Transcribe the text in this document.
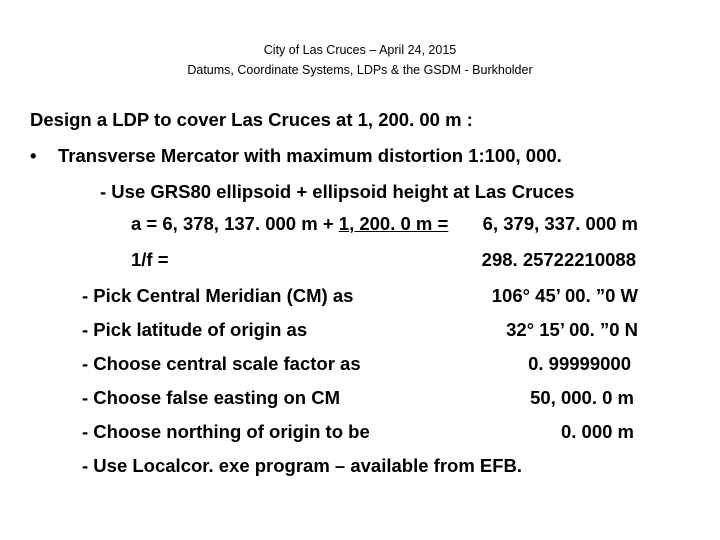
City of Las Cruces – April 24, 2015
Datums, Coordinate Systems, LDPs & the GSDM - Burkholder
Design a LDP to cover Las Cruces at 1, 200. 00 m :
• Transverse Mercator with maximum distortion 1:100, 000.
- Use GRS80 ellipsoid + ellipsoid height at Las Cruces
a = 6, 378, 137. 000 m + 1, 200. 0 m = 6, 379, 337. 000 m
1/f =	298. 25722210088
- Pick Central Meridian (CM) as	106° 45’ 00. ”0 W
- Pick latitude of origin as	32° 15’ 00. ”0 N
- Choose central scale factor as	0. 99999000
- Choose false easting on CM	50, 000. 0 m
- Choose northing of origin to be	0. 000 m
- Use Localcor. exe program – available from EFB.
